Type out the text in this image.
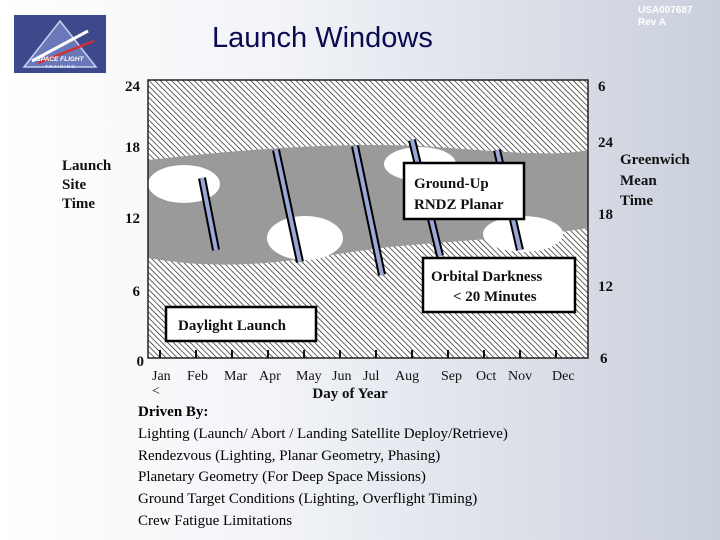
SPACE FLIGHT
T R A I N I N G
Launch Windows
USA007687
Rev A
Ground-Up
RNDZ Planar
Orbital Darkness
< 20 Minutes
Daylight Launch
Launch
Site
Time
24
18
12
6
0
6
24
18
12
6
Greenwich
Mean
Time
Jan Feb Mar Apr May Jun Jul Aug Sep Oct Nov Dec
<	Day of Year
Driven By:
Lighting (Launch/ Abort / Landing Satellite Deploy/Retrieve)
Rendezvous (Lighting, Planar Geometry, Phasing)
Planetary Geometry (For Deep Space Missions)
Ground Target Conditions (Lighting, Overflight Timing)
Crew Fatigue Limitations
